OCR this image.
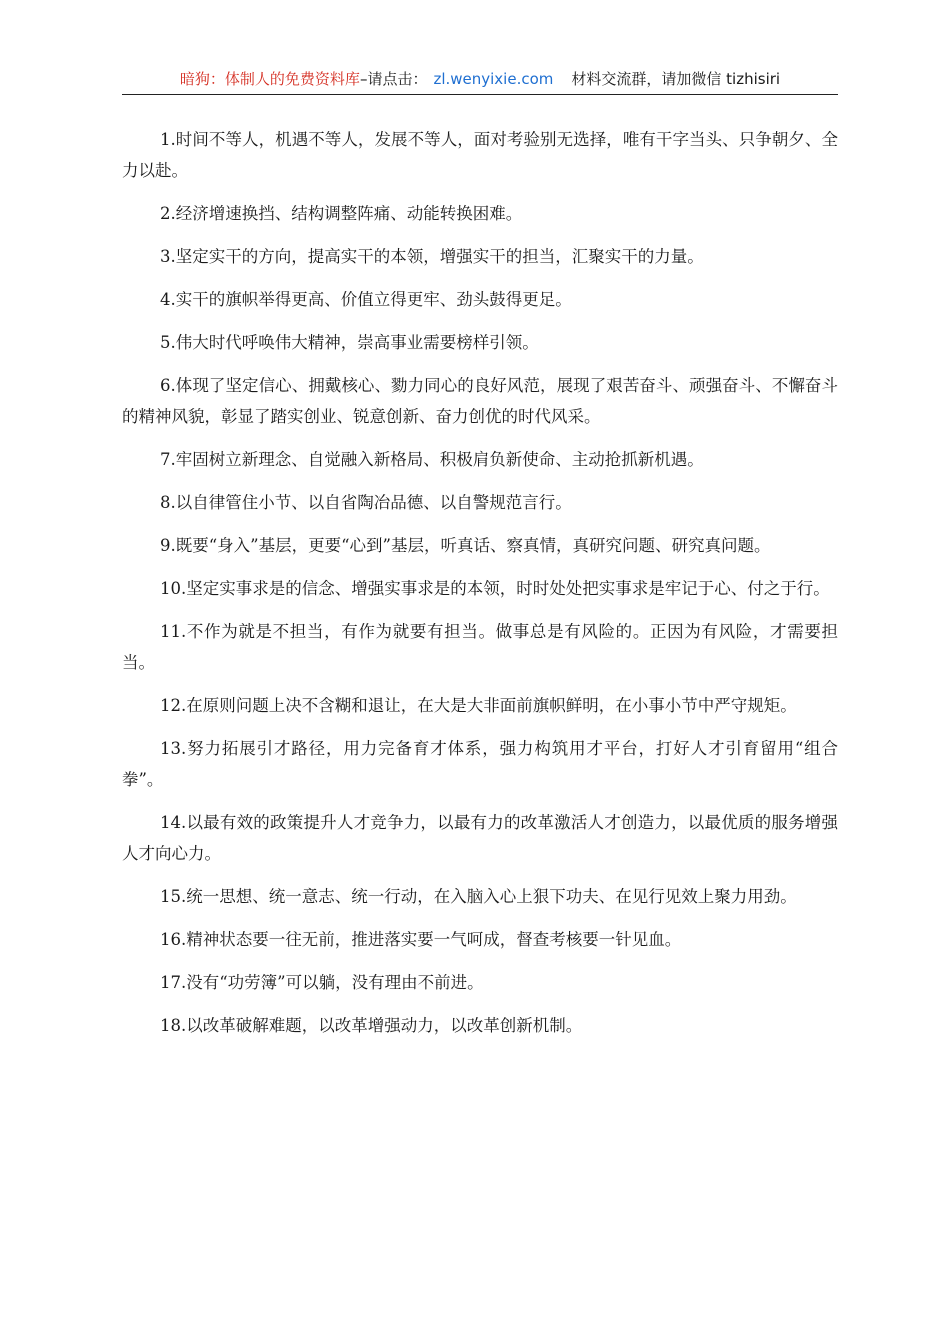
暗狗：体制人的免费资料库–请点击： zl.wenyixie.com 材料交流群，请加微信 tizhisiri

1.时间不等人，机遇不等人，发展不等人，面对考验别无选择，唯有干字当头、只争朝夕、全力以赴。

2.经济增速换挡、结构调整阵痛、动能转换困难。

3.坚定实干的方向，提高实干的本领，增强实干的担当，汇聚实干的力量。

4.实干的旗帜举得更高、价值立得更牢、劲头鼓得更足。

5.伟大时代呼唤伟大精神，崇高事业需要榜样引领。

6.体现了坚定信心、拥戴核心、勠力同心的良好风范，展现了艰苦奋斗、顽强奋斗、不懈奋斗的精神风貌，彰显了踏实创业、锐意创新、奋力创优的时代风采。

7.牢固树立新理念、自觉融入新格局、积极肩负新使命、主动抢抓新机遇。

8.以自律管住小节、以自省陶冶品德、以自警规范言行。

9.既要“身入”基层，更要“心到”基层，听真话、察真情，真研究问题、研究真问题。

10.坚定实事求是的信念、增强实事求是的本领，时时处处把实事求是牢记于心、付之于行。

11.不作为就是不担当，有作为就要有担当。做事总是有风险的。正因为有风险，才需要担当。

12.在原则问题上决不含糊和退让，在大是大非面前旗帜鲜明，在小事小节中严守规矩。

13.努力拓展引才路径，用力完备育才体系，强力构筑用才平台，打好人才引育留用“组合拳”。

14.以最有效的政策提升人才竞争力，以最有力的改革激活人才创造力，以最优质的服务增强人才向心力。

15.统一思想、统一意志、统一行动，在入脑入心上狠下功夫、在见行见效上聚力用劲。

16.精神状态要一往无前，推进落实要一气呵成，督查考核要一针见血。

17.没有“功劳簿”可以躺，没有理由不前进。

18.以改革破解难题，以改革增强动力，以改革创新机制。
